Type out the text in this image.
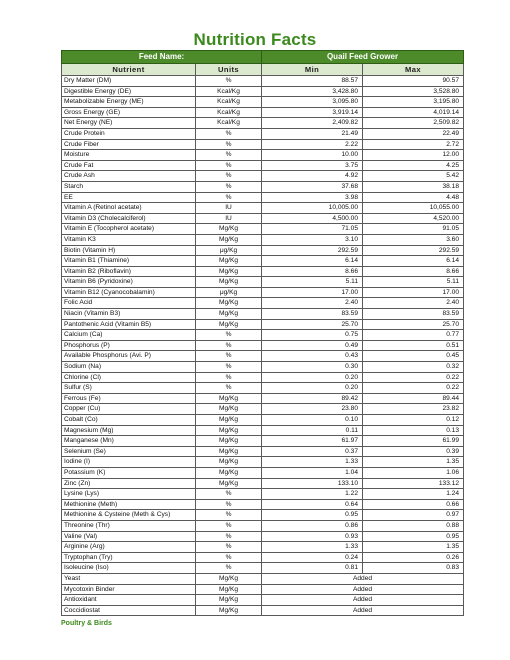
Nutrition Facts
Feed Name:		Quail Feed Grower	
Nutrient	Units	Min	Max
Dry Matter (DM)	%	88.57	90.57
Digestible Energy (DE)	Kcal/Kg	3,428.80	3,528.80
Metabolizable Energy (ME)	Kcal/Kg	3,095.80	3,195.80
Gross Energy (GE)	Kcal/Kg	3,919.14	4,019.14
Net Energy (NE)	Kcal/Kg	2,409.82	2,509.82
Crude Protein	%	21.49	22.49
Crude Fiber	%	2.22	2.72
Moisture	%	10.00	12.00
Crude Fat	%	3.75	4.25
Crude Ash	%	4.92	5.42
Starch	%	37.68	38.18
EE	%	3.98	4.48
Vitamin A (Retinol acetate)	IU	10,005.00	10,055.00
Vitamin D3 (Cholecalciferol)	IU	4,500.00	4,520.00
Vitamin E (Tocopherol acetate)	Mg/Kg	71.05	91.05
Vitamin K3	Mg/Kg	3.10	3.60
Biotin (Vitamin H)	μg/Kg	292.59	292.59
Vitamin B1 (Thiamine)	Mg/Kg	6.14	6.14
Vitamin B2 (Riboflavin)	Mg/Kg	8.66	8.66
Vitamin B6 (Pyridoxine)	Mg/Kg	5.11	5.11
Vitamin B12 (Cyanocobalamin)	μg/Kg	17.00	17.00
Folic Acid	Mg/Kg	2.40	2.40
Niacin (Vitamin B3)	Mg/Kg	83.59	83.59
Pantothenic Acid (Vitamin B5)	Mg/Kg	25.70	25.70
Calcium (Ca)	%	0.75	0.77
Phosphorus (P)	%	0.49	0.51
Available Phosphorus (Avi. P)	%	0.43	0.45
Sodium (Na)	%	0.30	0.32
Chlorine (Cl)	%	0.20	0.22
Sulfur (S)	%	0.20	0.22
Ferrous (Fe)	Mg/Kg	89.42	89.44
Copper (Cu)	Mg/Kg	23.80	23.82
Cobalt (Co)	Mg/Kg	0.10	0.12
Magnesium (Mg)	Mg/Kg	0.11	0.13
Manganese (Mn)	Mg/Kg	61.97	61.99
Selenium (Se)	Mg/Kg	0.37	0.39
Iodine (I)	Mg/Kg	1.33	1.35
Potassium (K)	Mg/Kg	1.04	1.06
Zinc (Zn)	Mg/Kg	133.10	133.12
Lysine (Lys)	%	1.22	1.24
Methionine (Meth)	%	0.64	0.66
Methionine & Cysteine (Meth & Cys)	%	0.95	0.97
Threonine (Thr)	%	0.86	0.88
Valine (Val)	%	0.93	0.95
Arginine (Arg)	%	1.33	1.35
Tryptophan (Try)	%	0.24	0.26
Isoleucine (Iso)	%	0.81	0.83
Yeast	Mg/Kg	Added	
Mycotoxin Binder	Mg/Kg	Added	
Antioxidant	Mg/Kg	Added	
Coccidiostat	Mg/Kg	Added	
Poultry & Birds
